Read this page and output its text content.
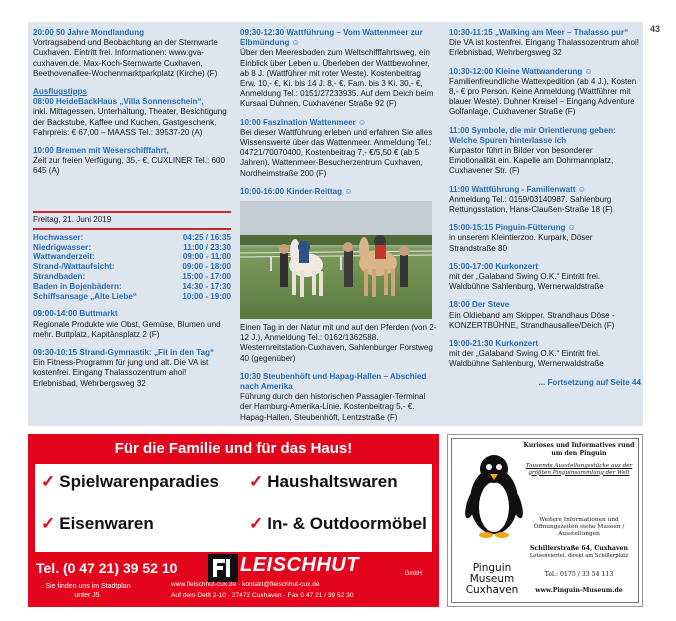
43
20:00 50 Jahre Mondlandung
Vortragsabend und Beobachtung an der Sternwarte Cuxhaven. Eintritt frei. Informationen: www.gva-cuxhaven.de. Max-Koch-Sternwarte Cuxhaven, Beethovenallee-Wochenmarktparkplatz (Kirche) (F)
Ausflugstipps
08:00 HeideBackHaus „Villa Sonnenschein“,
inkl. Mittagessen, Unterhaltung, Theater, Besichtigung der Backstube, Kaffee und Kuchen, Gastgeschenk, Fahrpreis: € 67,00 – MAASS Tel.: 39537-20 (A)
10:00 Bremen mit Weserschifffahrt,
Zeit zur freien Verfügung, 35,- €, CUXLINER Tel.: 600 645 (A)
Freitag, 21. Juni 2019
Hochwasser:	04:25 / 16:35
Niedrigwasser:	11:00 / 23:30
Wattwanderzeit:	09:00 - 11:00
Strand-/Wattaufsicht:	09:00 - 18:00
Strandbaden:	15:00 - 17:00
Baden in Bojenbädern:	14:30 - 17:30
Schiffsansage „Alte Liebe“	10:00 - 19:00
09:00-14:00 Buttmarkt
Regionale Produkte wie Obst, Gemüse, Blumen und mehr. Buttplatz, Kapitänsplatz 2 (F)
09:30-10:15 Strand-Gymnastik: „Fit in den Tag“
Ein Fitness-Programm für jung und alt. Die VA ist kostenfrei. Eingang Thalassozentrum ahoi! Erlebnisbad, Wehrbergsweg 32
09:30-12:30 Wattführung – Vom Wattenmeer zur Elbmündung ☺
Über den Meeresboden zum Weltschifffahrtsweg, ein Einblick über Leben u. Überleben der Wattbewohner, ab 8 J. (Wattführer mit roter Weste). Kostenbeitrag Erw. 10,- €, Ki. bis 14 J. 8,- €, Fam. bis 3 Ki. 30,- €, Anmeldung Tel.: 0151/27233935. Auf dem Deich beim Kursaal Duhnen, Cuxhavener Straße 92 (F)
10:00 Faszination Wattenmeer ☺
Bei dieser Wattführung erleben und erfahren Sie alles Wissenswerte über das Wattenmeer. Anmeldung Tel.: 04721/70070400, Kostenbeitrag 7,- €/5,50 € (ab 5 Jahren). Wattenmeer-Besucherzentrum Cuxhaven, Nordheimstraße 200 (F)
10:00-16:00 Kinder-Reittag ☺
Einen Tag in der Natur mit und auf den Pferden (von 2-12 J.), Anmeldung Tel.: 0162/1362588. Westernreitstation-Cuxhaven, Sahlenburger Forstweg 40 (gegenüber)
10:30 Steubenhöft und Hapag-Hallen – Abschied nach Amerika
Führung durch den historischen Passagier-Terminal der Hamburg-Amerika-Linie. Kostenbeitrag 5,- €. Hapag-Hallen, Steubenhöft, Lentzstraße (F)
10:30-11:15 „Walking am Meer – Thalasso pur“
Die VA ist kostenfrei. Eingang Thalassozentrum ahoi! Erlebnisbad, Wehrbergsweg 32
10:30-12:00 Kleine Wattwanderung ☺
Familienfreundliche Wattexpedition (ab 4 J.), Kosten 8,- € pro Person. Keine Anmeldung (Wattführer mit blauer Weste). Duhner Kreisel – Eingang Adventure Golfanlage, Cuxhavener Straße (F)
11:00 Symbole, die mir Orientierung geben: Welche Spuren hinterlasse ich
Kurpastor führt in Bilder von besonderer Emotionalität ein. Kapelle am Dohrmannplatz, Cuxhavener Str. (F)
11:00 Wattführung - Familienwatt ☺
Anmeldung Tel.: 0159/03140987. Sahlenburg Rettungsstation, Hans-Claußen-Straße 18 (F)
15:00-15:15 Pinguin-Fütterung ☺
in unserem Kleintierzoo. Kurpark, Döser Strandstraße 80
15:00-17:00 Kurkonzert
mit der „Galaband Swing O.K.“ Eintritt frei. Waldbühne Sahlenburg, Wernerwaldstraße
18:00 Der Steve
Ein Oldieband am Skipper. Strandhaus Döse - KONZERTBÜHNE, Strandhausallee/Deich (F)
19:00-21:30 Kurkonzert
mit der „Galaband Swing O.K.“ Eintritt frei. Waldbühne Sahlenburg, Wernerwaldstraße
... Fortsetzung auf Seite 44
Für die Familie und für das Haus!
✓ Spielwarenparadies ✓ Haushaltswaren
✓ Eisenwaren	✓ In- & Outdoormöbel
Tel. (0 47 21) 39 52 10	LEISCHHUT	GmbH
Sie finden uns im Stadtplan unter J5.
www.fleischhut-cux.de · kontakt@fleischhut-cux.de
Auf dem Delft 2-10 · 27472 Cuxhaven · Fax 0 47 21 / 39 52 30
Kurioses und Informatives rund um den Pinguin
Tausende Ausstellungsstücke aus der größten Pinguinsammlung der Welt
Weitere Informationen und Öffnungszeiten siehe Museen / Ausstellungen
Schillerstraße 64, Cuxhaven
Lotsenviertel, direkt am Schillerplatz
Tel.: 0175 / 33 54 113
www.Pinguin-Museum.de
Pinguin Museum Cuxhaven
